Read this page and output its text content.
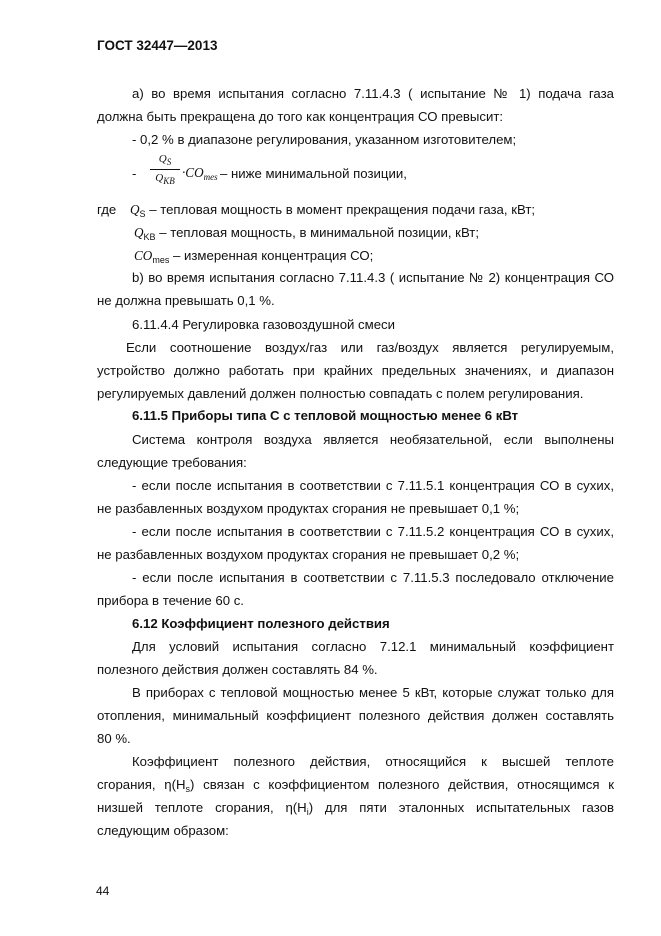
ГОСТ 32447—2013
а) во время испытания согласно 7.11.4.3 ( испытание № 1) подача газа
должна быть прекращена до того как концентрация СО превысит:
- 0,2 % в диапазоне регулирования, указанном изготовителем;
-
$Q_S$
$Q_{KB}$
$\cdot CO_{mes}$ – ниже минимальной позиции,
где $Q_S$ – тепловая мощность в момент прекращения подачи газа, кВт;
$Q_{KB}$ – тепловая мощность, в минимальной позиции, кВт;
$CO_{mes}$ – измеренная концентрация СО;
b) во время испытания согласно 7.11.4.3 ( испытание № 2) концентрация СО
не должна превышать 0,1 %.
6.11.4.4 Регулировка газовоздушной смеси
Если соотношение воздух/газ или газ/воздух является регулируемым,
устройство должно работать при крайних предельных значениях, и диапазон
регулируемых давлений должен полностью совпадать с полем регулирования.
6.11.5 Приборы типа С с тепловой мощностью менее 6 кВт
Система контроля воздуха является необязательной, если выполнены
следующие требования:
- если после испытания в соответствии с 7.11.5.1 концентрация СО в сухих,
не разбавленных воздухом продуктах сгорания не превышает 0,1 %;
- если после испытания в соответствии с 7.11.5.2 концентрация СО в сухих,
не разбавленных воздухом продуктах сгорания не превышает 0,2 %;
- если после испытания в соответствии с 7.11.5.3 последовало отключение
прибора в течение 60 с.
6.12 Коэффициент полезного действия
Для условий испытания согласно 7.12.1 минимальный коэффициент
полезного действия должен составлять 84 %.
В приборах с тепловой мощностью менее 5 кВт, которые служат только для
отопления, минимальный коэффициент полезного действия должен составлять
80 %.
Коэффициент полезного действия, относящийся к высшей теплоте
сгорания, $\eta(H_s)$ связан с коэффициентом полезного действия, относящимся к
низшей теплоте сгорания, $\eta(H_i)$ для пяти эталонных испытательных газов
следующим образом:
44
